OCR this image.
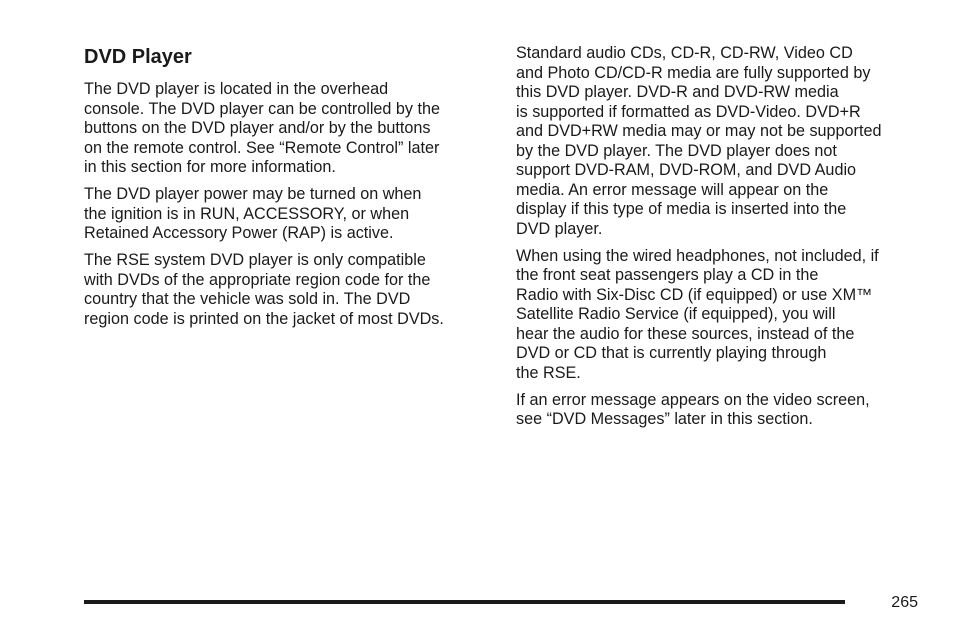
DVD Player

The DVD player is located in the overhead
console. The DVD player can be controlled by the
buttons on the DVD player and/or by the buttons
on the remote control. See “Remote Control” later
in this section for more information.

The DVD player power may be turned on when
the ignition is in RUN, ACCESSORY, or when
Retained Accessory Power (RAP) is active.

The RSE system DVD player is only compatible
with DVDs of the appropriate region code for the
country that the vehicle was sold in. The DVD
region code is printed on the jacket of most DVDs.

Standard audio CDs, CD-R, CD-RW, Video CD
and Photo CD/CD-R media are fully supported by
this DVD player. DVD-R and DVD-RW media
is supported if formatted as DVD-Video. DVD+R
and DVD+RW media may or may not be supported
by the DVD player. The DVD player does not
support DVD-RAM, DVD-ROM, and DVD Audio
media. An error message will appear on the
display if this type of media is inserted into the
DVD player.

When using the wired headphones, not included, if
the front seat passengers play a CD in the
Radio with Six-Disc CD (if equipped) or use XM™
Satellite Radio Service (if equipped), you will
hear the audio for these sources, instead of the
DVD or CD that is currently playing through
the RSE.

If an error message appears on the video screen,
see “DVD Messages” later in this section.

265
